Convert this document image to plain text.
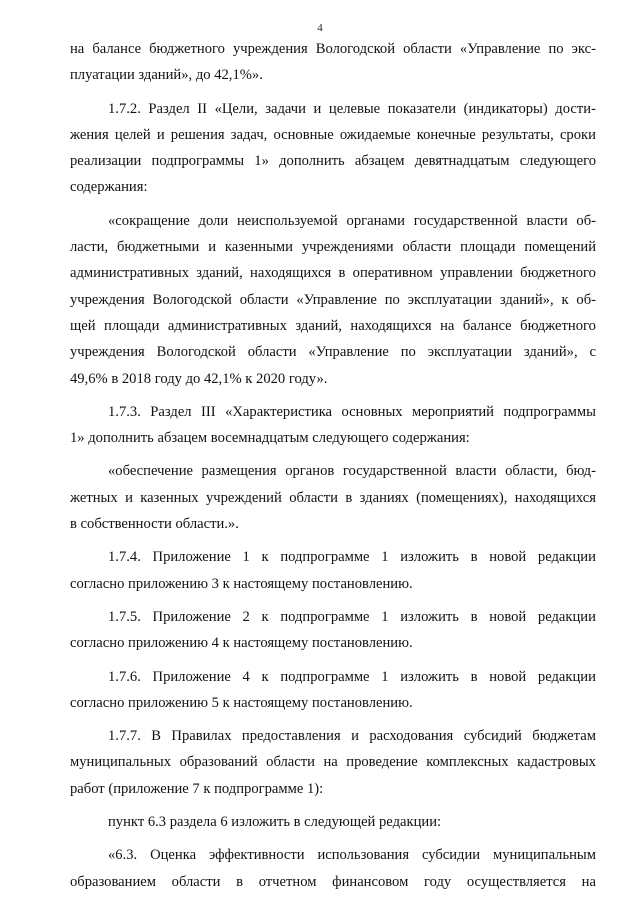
4
на балансе бюджетного учреждения Вологодской области «Управление по экс-
плуатации зданий», до 42,1%».
1.7.2. Раздел II «Цели, задачи и целевые показатели (индикаторы) дости-
жения целей и решения задач, основные ожидаемые конечные результаты, сроки
реализации подпрограммы 1» дополнить абзацем девятнадцатым следующего
содержания:
«сокращение доли неиспользуемой органами государственной власти об-
ласти, бюджетными и казенными учреждениями области площади помещений
административных зданий, находящихся в оперативном управлении бюджетного
учреждения Вологодской области «Управление по эксплуатации зданий», к об-
щей площади административных зданий, находящихся на балансе бюджетного
учреждения Вологодской области «Управление по эксплуатации зданий», с
49,6% в 2018 году до 42,1% к 2020 году».
1.7.3. Раздел III «Характеристика основных мероприятий подпрограммы
1» дополнить абзацем восемнадцатым следующего содержания:
«обеспечение размещения органов государственной власти области, бюд-
жетных и казенных учреждений области в зданиях (помещениях), находящихся
в собственности области.».
1.7.4. Приложение 1 к подпрограмме 1 изложить в новой редакции
согласно приложению 3 к настоящему постановлению.
1.7.5. Приложение 2 к подпрограмме 1 изложить в новой редакции
согласно приложению 4 к настоящему постановлению.
1.7.6. Приложение 4 к подпрограмме 1 изложить в новой редакции
согласно приложению 5 к настоящему постановлению.
1.7.7. В Правилах предоставления и расходования субсидий бюджетам
муниципальных образований области на проведение комплексных кадастровых
работ (приложение 7 к подпрограмме 1):
пункт 6.3 раздела 6 изложить в следующей редакции:
«6.3. Оценка эффективности использования субсидии муниципальным
образованием области в отчетном финансовом году осуществляется на
